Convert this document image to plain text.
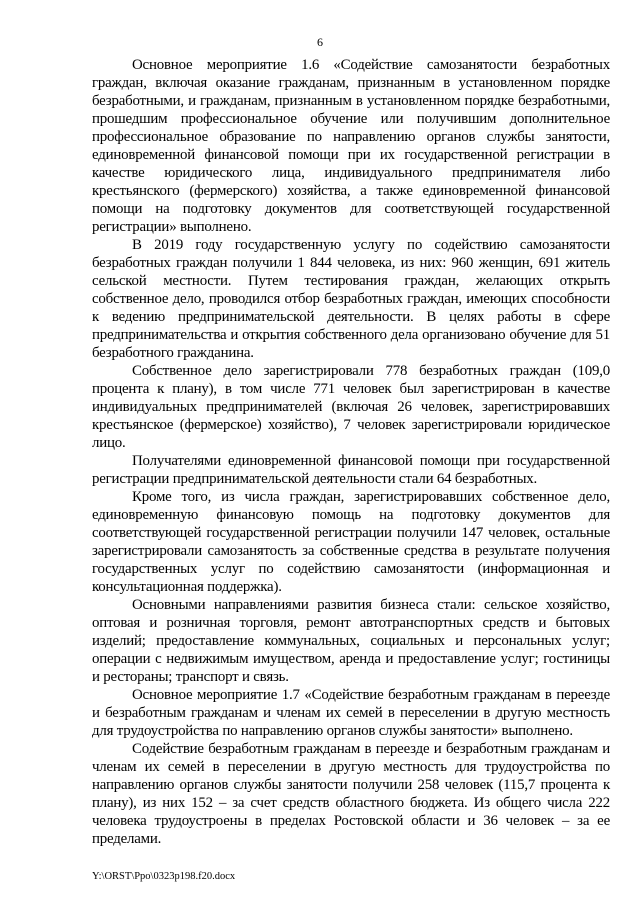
6

Основное мероприятие 1.6 «Содействие самозанятости безработных граждан, включая оказание гражданам, признанным в установленном порядке безработными, и гражданам, признанным в установленном порядке безработными, прошедшим профессиональное обучение или получившим дополнительное профессиональное образование по направлению органов службы занятости, единовременной финансовой помощи при их государственной регистрации в качестве юридического лица, индивидуального предпринимателя либо крестьянского (фермерского) хозяйства, а также единовременной финансовой помощи на подготовку документов для соответствующей государственной регистрации» выполнено.

В 2019 году государственную услугу по содействию самозанятости безработных граждан получили 1 844 человека, из них: 960 женщин, 691 житель сельской местности. Путем тестирования граждан, желающих открыть собственное дело, проводился отбор безработных граждан, имеющих способности к ведению предпринимательской деятельности. В целях работы в сфере предпринимательства и открытия собственного дела организовано обучение для 51 безработного гражданина.

Собственное дело зарегистрировали 778 безработных граждан (109,0 процента к плану), в том числе 771 человек был зарегистрирован в качестве индивидуальных предпринимателей (включая 26 человек, зарегистрировавших крестьянское (фермерское) хозяйство), 7 человек зарегистрировали юридическое лицо.

Получателями единовременной финансовой помощи при государственной регистрации предпринимательской деятельности стали 64 безработных.

Кроме того, из числа граждан, зарегистрировавших собственное дело, единовременную финансовую помощь на подготовку документов для соответствующей государственной регистрации получили 147 человек, остальные зарегистрировали самозанятость за собственные средства в результате получения государственных услуг по содействию самозанятости (информационная и консультационная поддержка).

Основными направлениями развития бизнеса стали: сельское хозяйство, оптовая и розничная торговля, ремонт автотранспортных средств и бытовых изделий; предоставление коммунальных, социальных и персональных услуг; операции с недвижимым имуществом, аренда и предоставление услуг; гостиницы и рестораны; транспорт и связь.

Основное мероприятие 1.7 «Содействие безработным гражданам в переезде и безработным гражданам и членам их семей в переселении в другую местность для трудоустройства по направлению органов службы занятости» выполнено.

Содействие безработным гражданам в переезде и безработным гражданам и членам их семей в переселении в другую местность для трудоустройства по направлению органов службы занятости получили 258 человек (115,7 процента к плану), из них 152 – за счет средств областного бюджета. Из общего числа 222 человека трудоустроены в пределах Ростовской области и 36 человек – за ее пределами.

Y:\ORST\Ppo\0323p198.f20.docx
